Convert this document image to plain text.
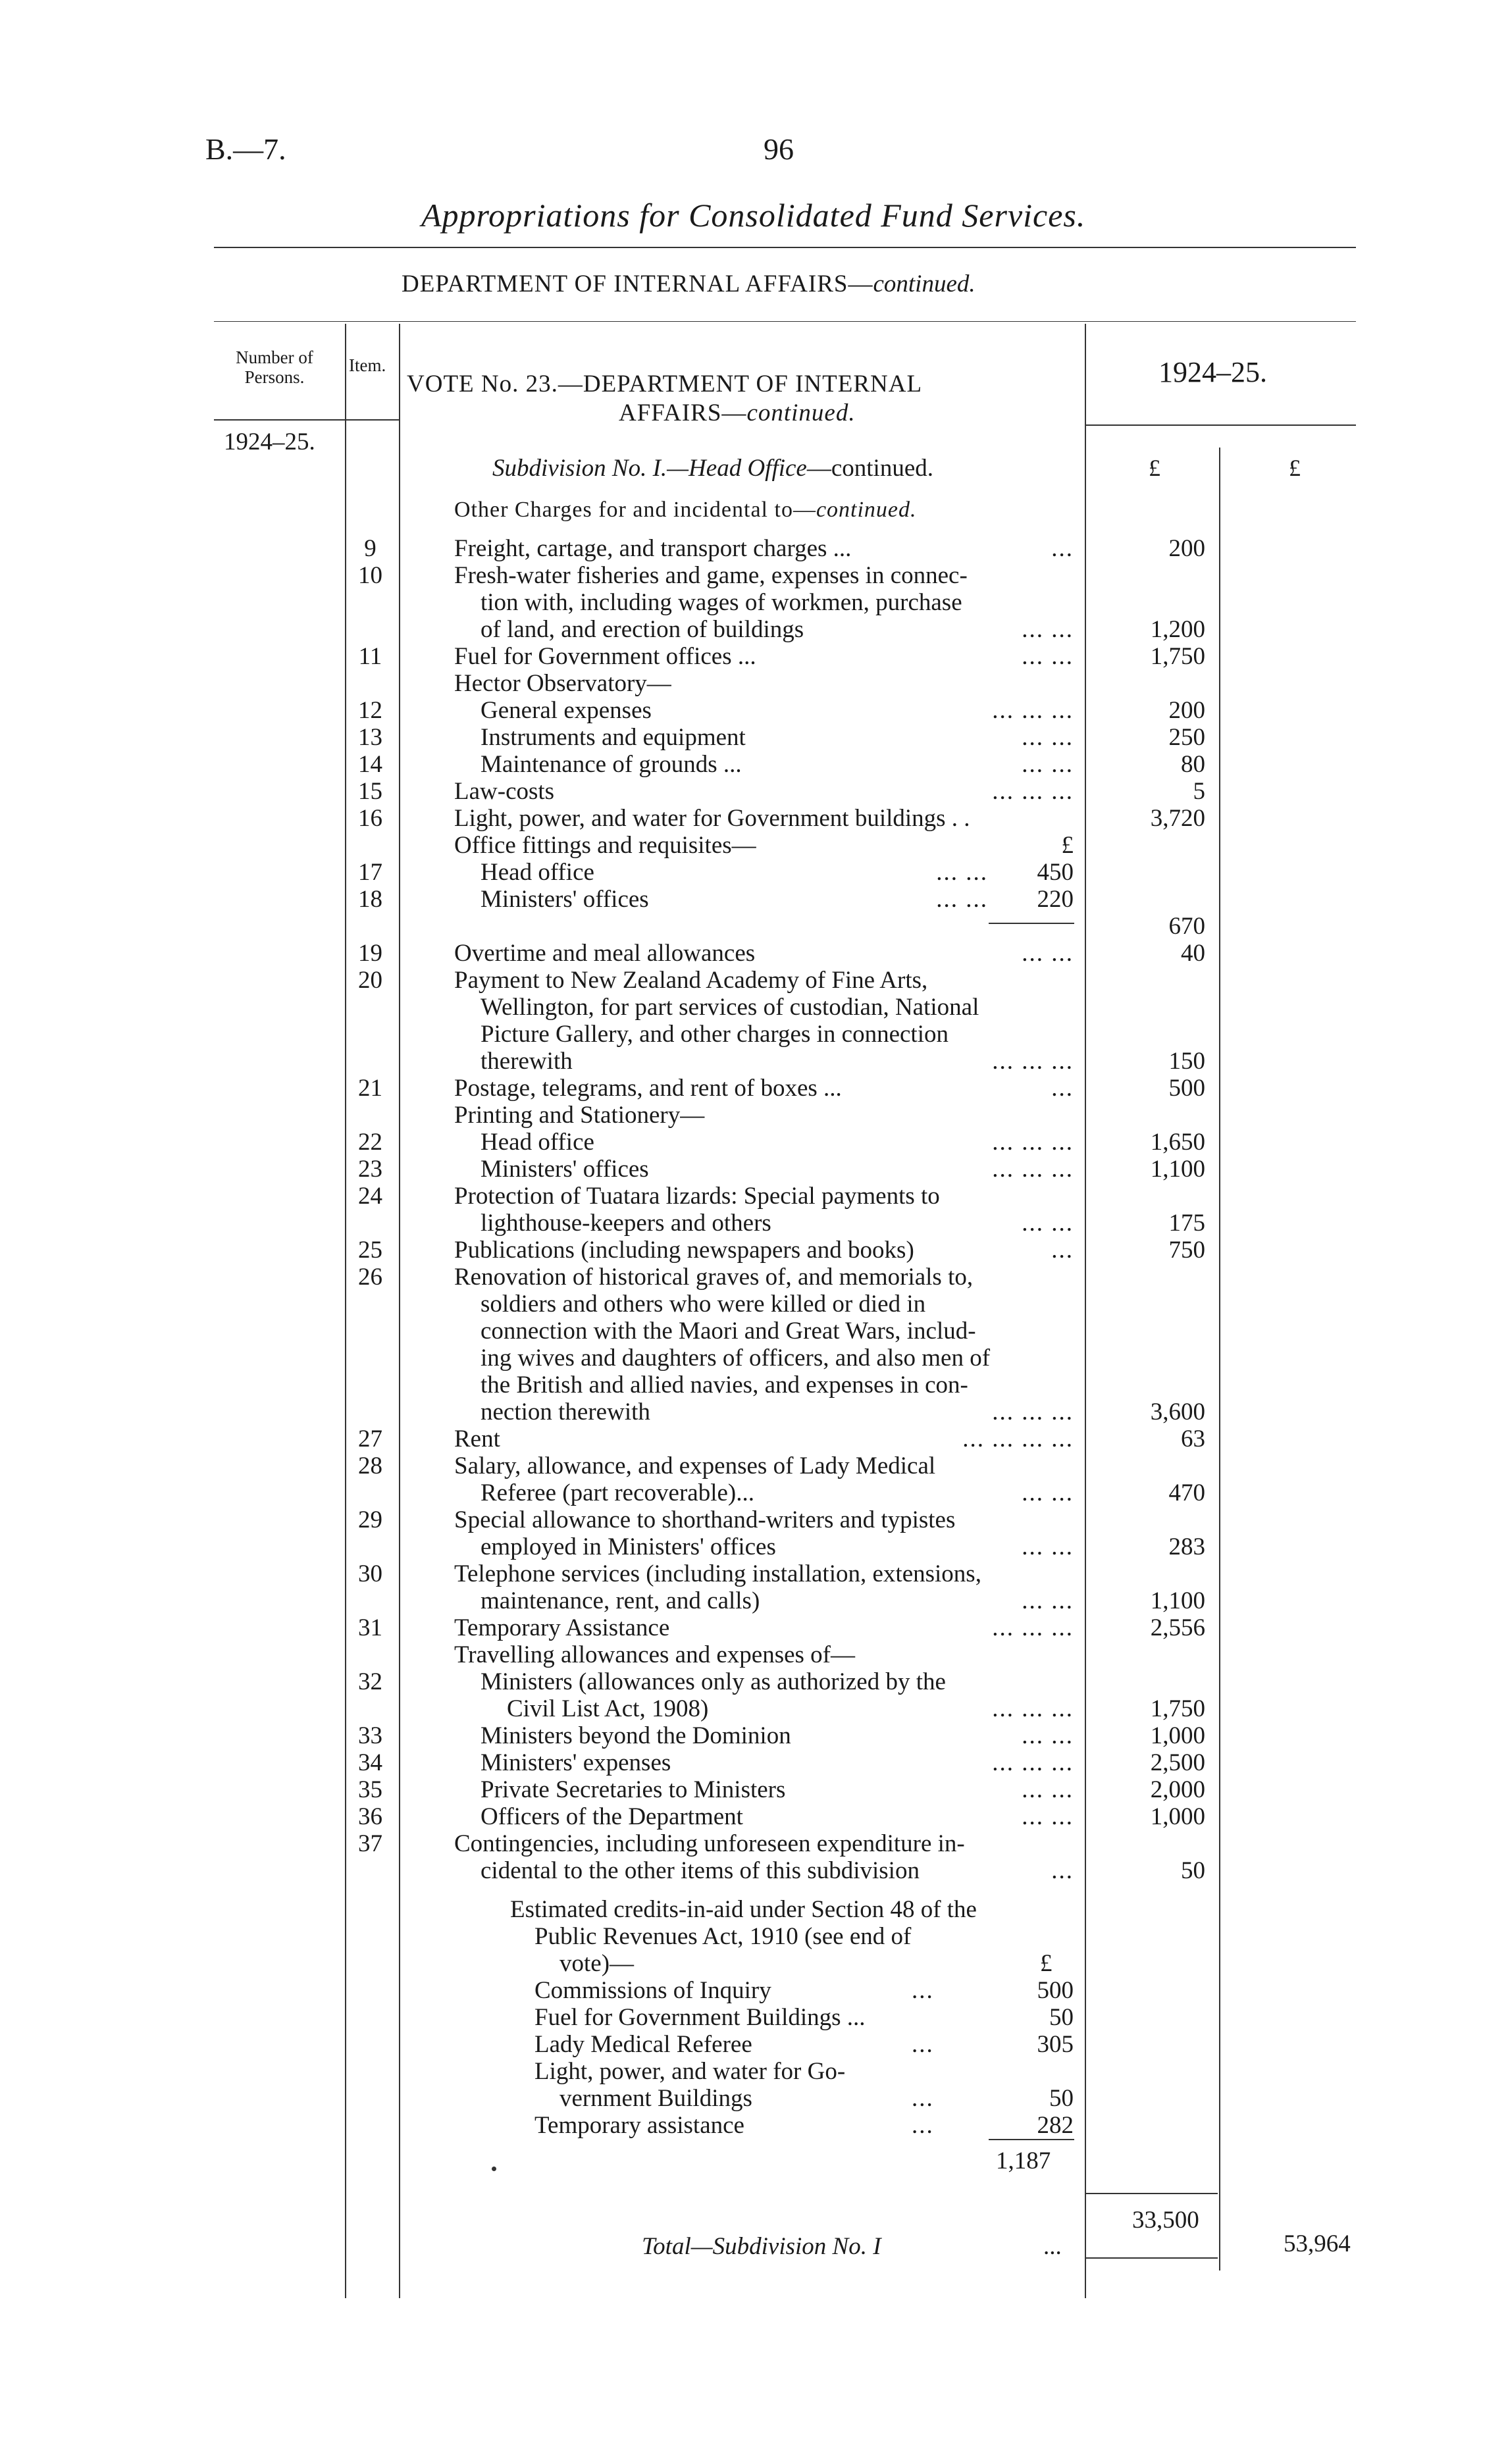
B.—7.	96
Appropriations for Consolidated Fund Services.
DEPARTMENT OF INTERNAL AFFAIRS—continued.
Number of Persons.
Item.
VOTE No. 23.—DEPARTMENT OF INTERNAL
AFFAIRS—continued.
1924–25.
1924–25.
Subdivision No. I.—Head Office—continued.	£	£
Other Charges for and incidental to—continued.
9	Freight, cartage, and transport charges ...	...	200
10	Fresh-water fisheries and game, expenses in connec-
tion with, including wages of workmen, purchase
of land, and erection of buildings	... ...	1,200
11	Fuel for Government offices ...	... ...	1,750
Hector Observatory—
12	General expenses	... ... ...	200
13	Instruments and equipment	... ...	250
14	Maintenance of grounds ...	... ...	80
15	Law-costs	... ... ...	5
16	Light, power, and water for Government buildings . .	3,720
Office fittings and requisites—	£
17	Head office	... ... 450
18	Ministers' offices	... ... 220
670
19	Overtime and meal allowances	... ...	40
20	Payment to New Zealand Academy of Fine Arts,
Wellington, for part services of custodian, National
Picture Gallery, and other charges in connection
therewith	... ... ...	150
21	Postage, telegrams, and rent of boxes ...	...	500
Printing and Stationery—
22	Head office	... ... ...	1,650
23	Ministers' offices	... ... ...	1,100
24	Protection of Tuatara lizards: Special payments to
lighthouse-keepers and others	... ...	175
25	Publications (including newspapers and books)	...	750
26	Renovation of historical graves of, and memorials to,
soldiers and others who were killed or died in
connection with the Maori and Great Wars, includ-
ing wives and daughters of officers, and also men of
the British and allied navies, and expenses in con-
nection therewith	... ... ...	3,600
27	Rent	... ... ... ...	63
28	Salary, allowance, and expenses of Lady Medical
Referee (part recoverable)...	... ...	470
29	Special allowance to shorthand-writers and typistes
employed in Ministers' offices	... ...	283
30	Telephone services (including installation, extensions,
maintenance, rent, and calls)	... ...	1,100
31	Temporary Assistance	... ... ...	2,556
Travelling allowances and expenses of—
32	Ministers (allowances only as authorized by the
Civil List Act, 1908)	... ... ...	1,750
33	Ministers beyond the Dominion	... ...	1,000
34	Ministers' expenses	... ... ...	2,500
35	Private Secretaries to Ministers	... ...	2,000
36	Officers of the Department	... ...	1,000
37	Contingencies, including unforeseen expenditure in-
cidental to the other items of this subdivision	...	50
Estimated credits-in-aid under Section 48 of the
Public Revenues Act, 1910 (see end of
vote)—	£
Commissions of Inquiry	...	500
Fuel for Government Buildings ...	50
Lady Medical Referee	...	305
Light, power, and water for Go-
vernment Buildings	...	50
Temporary assistance	...	282
1,187
33,500
Total—Subdivision No. I	...	53,964
